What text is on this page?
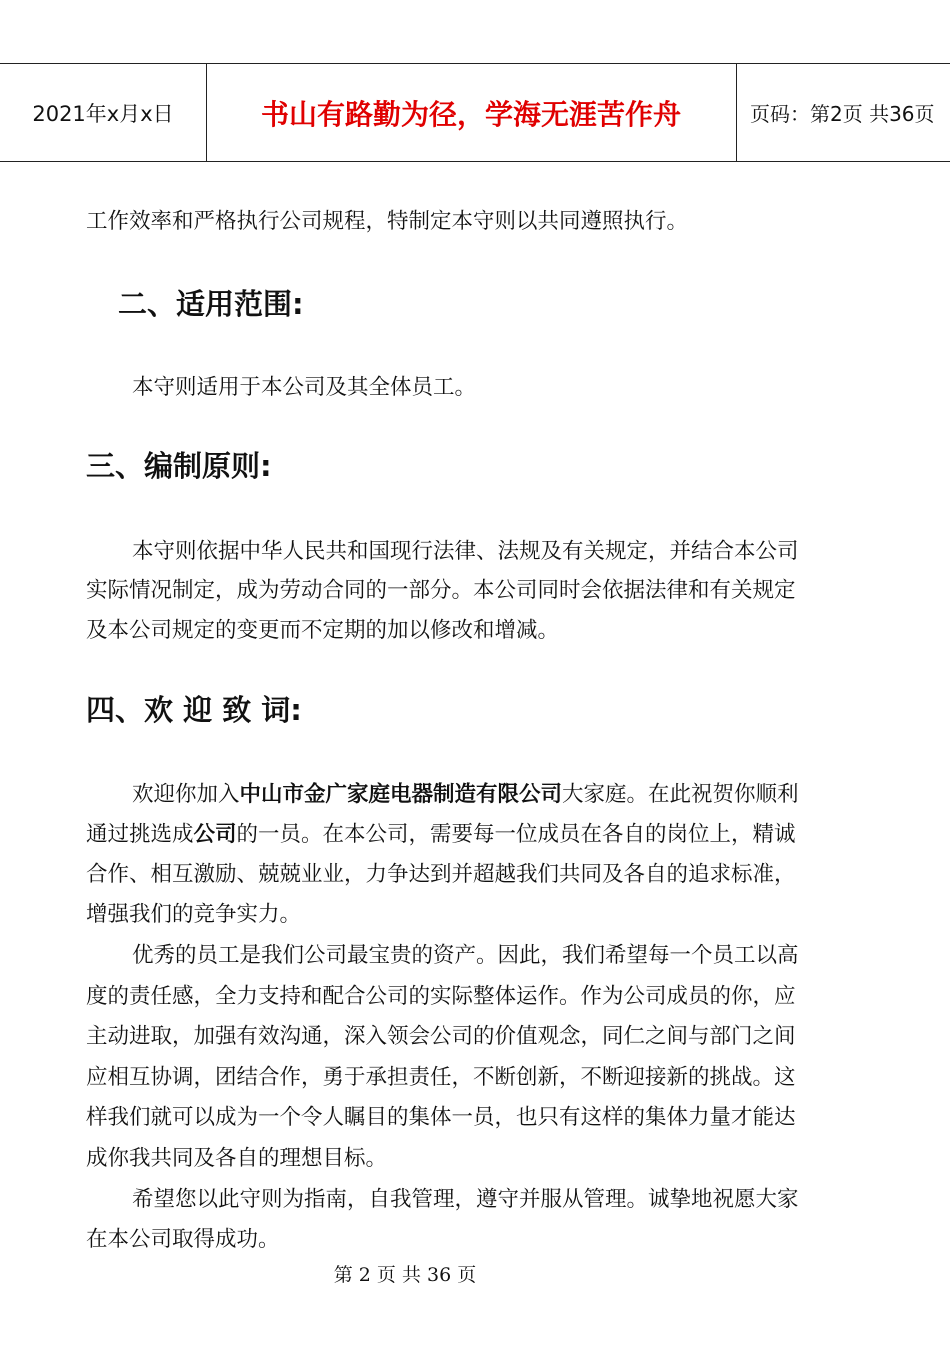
2021年x月x日	书山有路勤为径，学海无涯苦作舟	页码：第2页 共36页
工作效率和严格执行公司规程，特制定本守则以共同遵照执行。
二、适用范围:
本守则适用于本公司及其全体员工。
三、编制原则:
本守则依据中华人民共和国现行法律、法规及有关规定，并结合本公司
实际情况制定，成为劳动合同的一部分。本公司同时会依据法律和有关规定
及本公司规定的变更而不定期的加以修改和增减。
四、欢 迎 致 词:
欢迎你加入中山市金广家庭电器制造有限公司大家庭。在此祝贺你顺利
通过挑选成公司的一员。在本公司，需要每一位成员在各自的岗位上，精诚
合作、相互激励、兢兢业业，力争达到并超越我们共同及各自的追求标准，
增强我们的竞争实力。
优秀的员工是我们公司最宝贵的资产。因此，我们希望每一个员工以高
度的责任感，全力支持和配合公司的实际整体运作。作为公司成员的你，应
主动进取，加强有效沟通，深入领会公司的价值观念，同仁之间与部门之间
应相互协调，团结合作，勇于承担责任，不断创新，不断迎接新的挑战。这
样我们就可以成为一个令人瞩目的集体一员，也只有这样的集体力量才能达
成你我共同及各自的理想目标。
希望您以此守则为指南，自我管理，遵守并服从管理。诚挚地祝愿大家
在本公司取得成功。
第 2 页 共 36 页
